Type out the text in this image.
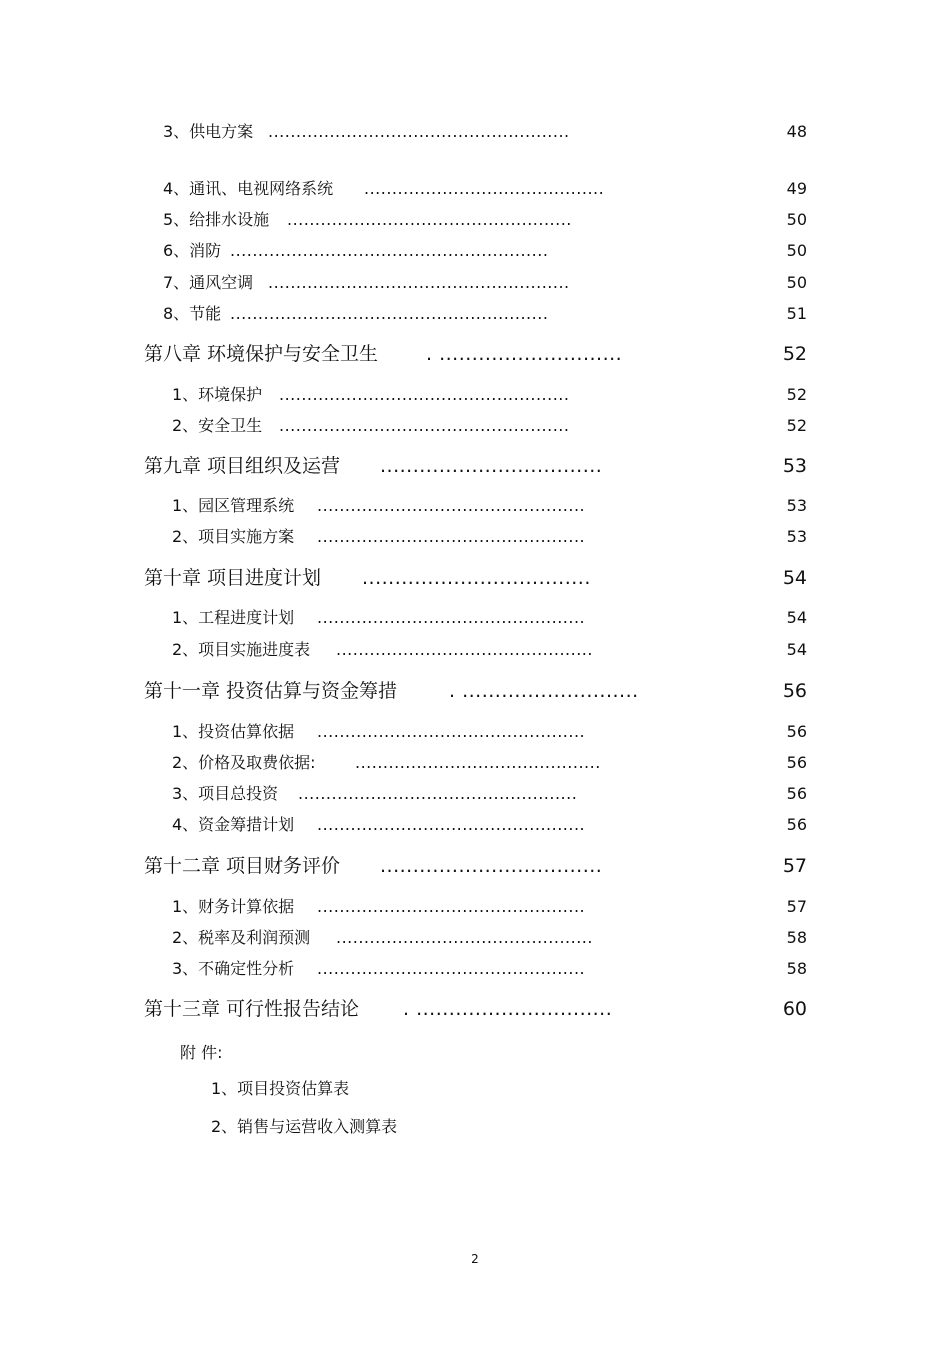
3、供电方案 ......................................................	48
4、通讯、电视网络系统 ...........................................	49
5、给排水设施 ...................................................	50
6、消防 .........................................................	50
7、通风空调 ......................................................	50
8、节能 .........................................................	51
第八章 环境保护与安全卫生	. ............................	52
1、环境保护 ....................................................	52
2、安全卫生 ....................................................	52
第九章 项目组织及运营 ..................................	53
1、园区管理系统 ................................................	53
2、项目实施方案 ................................................	53
第十章 项目进度计划 ...................................	54
1、工程进度计划 ................................................	54
2、项目实施进度表 ..............................................	54
第十一章 投资估算与资金筹措	. ...........................	56
1、投资估算依据 ................................................	56
2、价格及取费依据: ............................................	56
3、项目总投资 ..................................................	56
4、资金筹措计划 ................................................	56
第十二章 项目财务评价 ..................................	57
1、财务计算依据 ................................................	57
2、税率及利润预测 ..............................................	58
3、不确定性分析 ................................................	58
第十三章 可行性报告结论 . ..............................	60
附 件:
1、项目投资估算表
2、销售与运营收入测算表
2
